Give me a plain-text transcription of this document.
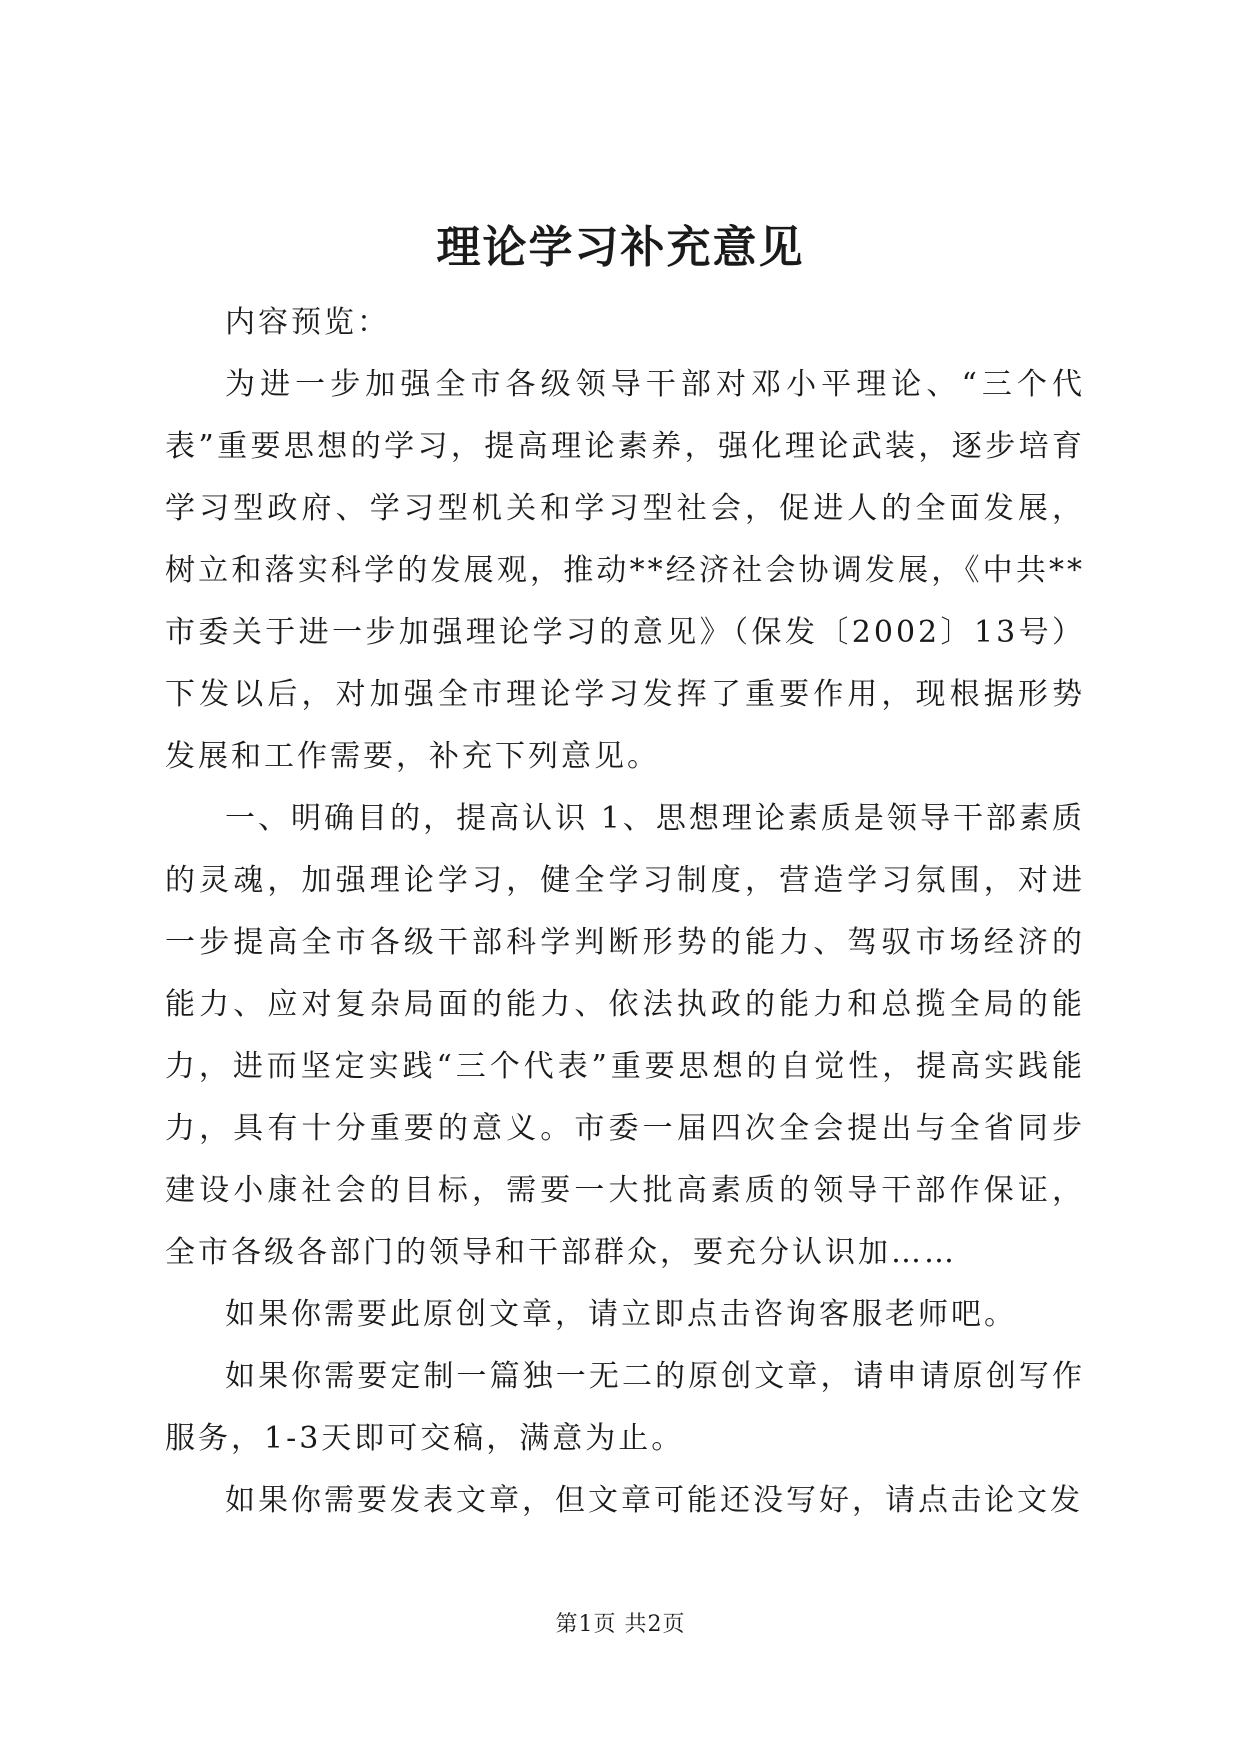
理论学习补充意见

内容预览：

为进一步加强全市各级领导干部对邓小平理论、“三个代表”重要思想的学习，提高理论素养，强化理论武装，逐步培育学习型政府、学习型机关和学习型社会，促进人的全面发展，树立和落实科学的发展观，推动**经济社会协调发展，《中共**市委关于进一步加强理论学习的意见》（保发〔2002〕13号）下发以后，对加强全市理论学习发挥了重要作用，现根据形势发展和工作需要，补充下列意见。

一、明确目的，提高认识 1、思想理论素质是领导干部素质的灵魂，加强理论学习，健全学习制度，营造学习氛围，对进一步提高全市各级干部科学判断形势的能力、驾驭市场经济的能力、应对复杂局面的能力、依法执政的能力和总揽全局的能力，进而坚定实践“三个代表”重要思想的自觉性，提高实践能力，具有十分重要的意义。市委一届四次全会提出与全省同步建设小康社会的目标，需要一大批高素质的领导干部作保证，全市各级各部门的领导和干部群众，要充分认识加……

如果你需要此原创文章，请立即点击咨询客服老师吧。

如果你需要定制一篇独一无二的原创文章，请申请原创写作服务，1-3天即可交稿，满意为止。

如果你需要发表文章，但文章可能还没写好，请点击论文发

第1页 共2页
